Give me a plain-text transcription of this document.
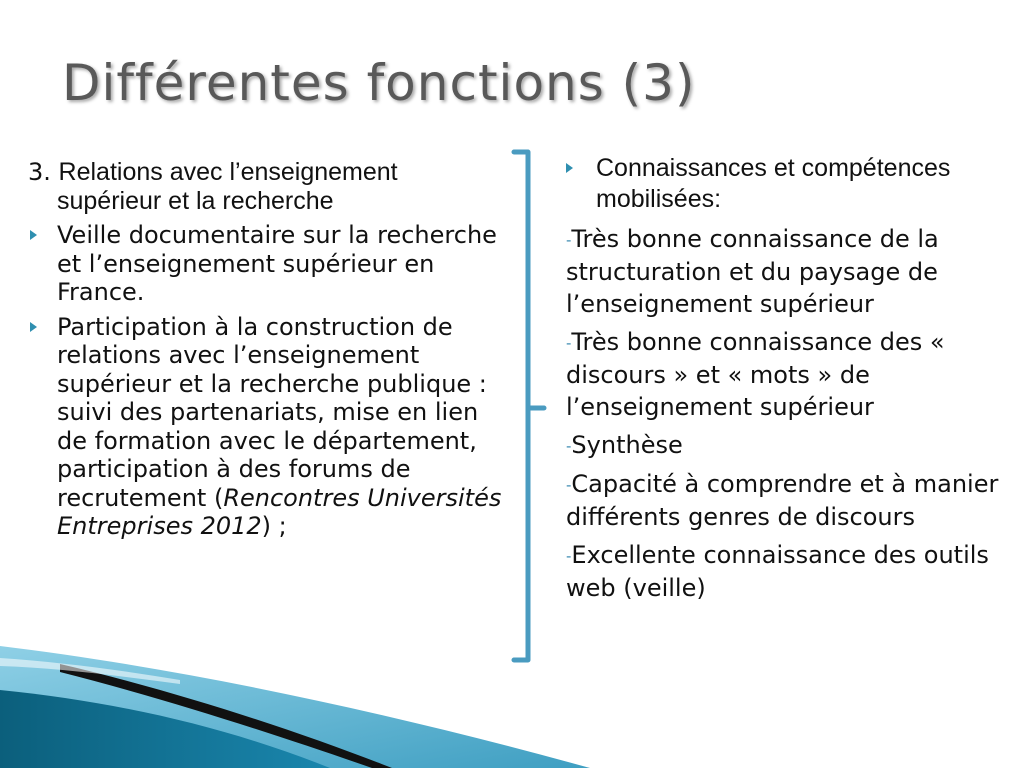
Différentes fonctions (3)

3. Relations avec l’enseignement supérieur et la recherche

Veille documentaire sur la recherche et l’enseignement supérieur en France.
Participation à la construction de relations avec l’enseignement supérieur et la recherche publique : suivi des partenariats, mise en lien de formation avec le département, participation à des forums de recrutement (Rencontres Universités Entreprises 2012) ;
Connaissances et compétences mobilisées:

-Très bonne connaissance de la structuration et du paysage de l’enseignement supérieur

-Très bonne connaissance des « discours » et « mots » de l’enseignement supérieur

-Synthèse

-Capacité à comprendre et à manier différents genres de discours

-Excellente connaissance des outils web (veille)
